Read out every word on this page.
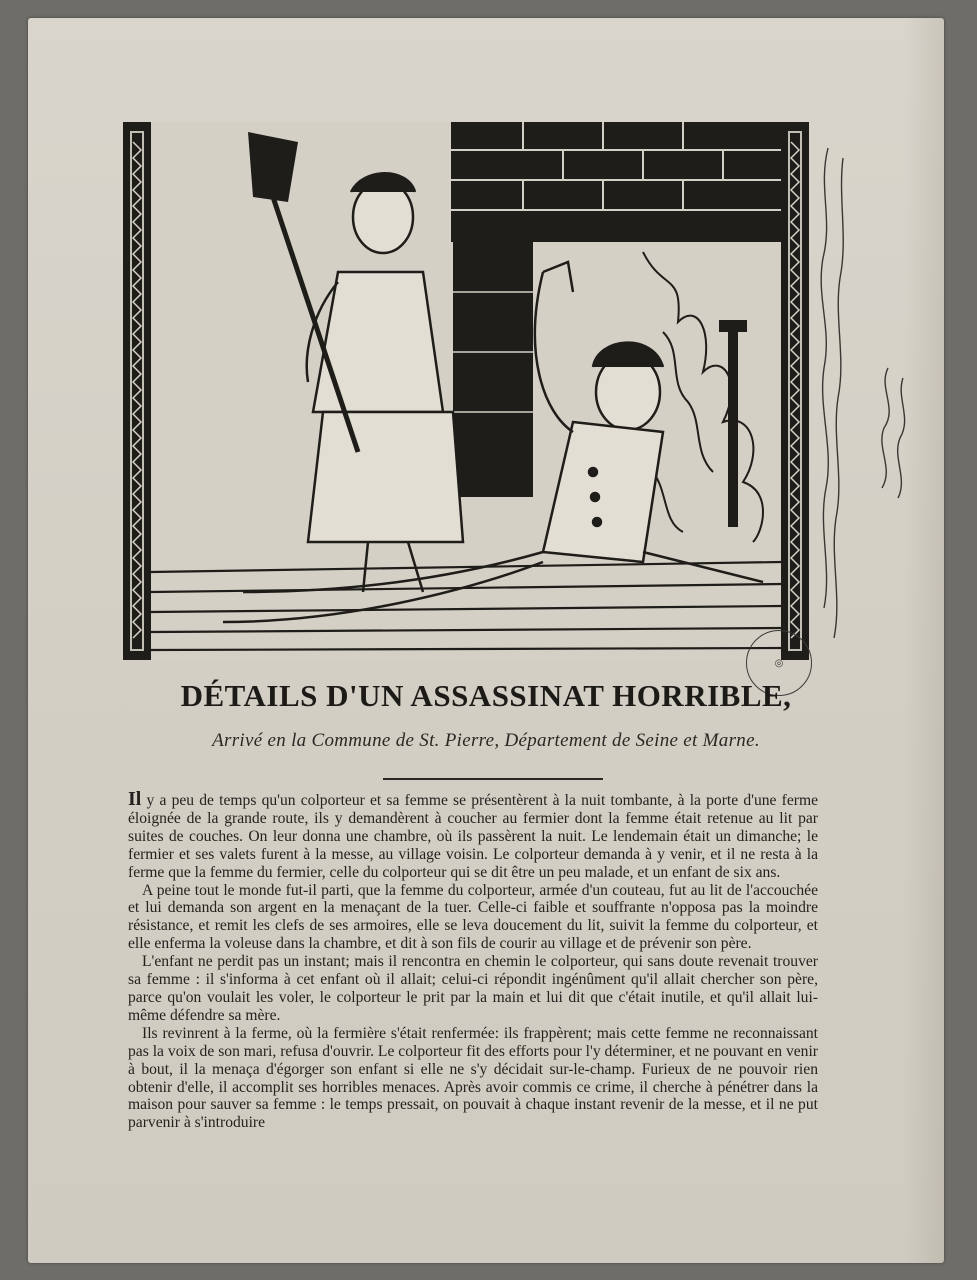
◎
DÉTAILS D'UN ASSASSINAT HORRIBLE,

Arrivé en la Commune de St. Pierre, Département de Seine et Marne.

Il y a peu de temps qu'un colporteur et sa femme se présentèrent à la nuit tombante, à la porte d'une ferme éloignée de la grande route, ils y demandèrent à coucher au fermier dont la femme était retenue au lit par suites de couches. On leur donna une chambre, où ils passèrent la nuit. Le lendemain était un dimanche; le fermier et ses valets furent à la messe, au village voisin. Le colporteur demanda à y venir, et il ne resta à la ferme que la femme du fermier, celle du colporteur qui se dit être un peu malade, et un enfant de six ans.

A peine tout le monde fut-il parti, que la femme du colporteur, armée d'un couteau, fut au lit de l'accouchée et lui demanda son argent en la menaçant de la tuer. Celle-ci faible et souffrante n'opposa pas la moindre résistance, et remit les clefs de ses armoires, elle se leva doucement du lit, suivit la femme du colporteur, et elle enferma la voleuse dans la chambre, et dit à son fils de courir au village et de prévenir son père.

L'enfant ne perdit pas un instant; mais il rencontra en chemin le colporteur, qui sans doute revenait trouver sa femme : il s'informa à cet enfant où il allait; celui-ci répondit ingénûment qu'il allait chercher son père, parce qu'on voulait les voler, le colporteur le prit par la main et lui dit que c'était inutile, et qu'il allait lui-même défendre sa mère.

Ils revinrent à la ferme, où la fermière s'était renfermée: ils frappèrent; mais cette femme ne reconnaissant pas la voix de son mari, refusa d'ouvrir. Le colporteur fit des efforts pour l'y déterminer, et ne pouvant en venir à bout, il la menaça d'égorger son enfant si elle ne s'y décidait sur-le-champ. Furieux de ne pouvoir rien obtenir d'elle, il accomplit ses horribles menaces. Après avoir commis ce crime, il cherche à pénétrer dans la maison pour sauver sa femme : le temps pressait, on pouvait à chaque instant revenir de la messe, et il ne put parvenir à s'introduire
